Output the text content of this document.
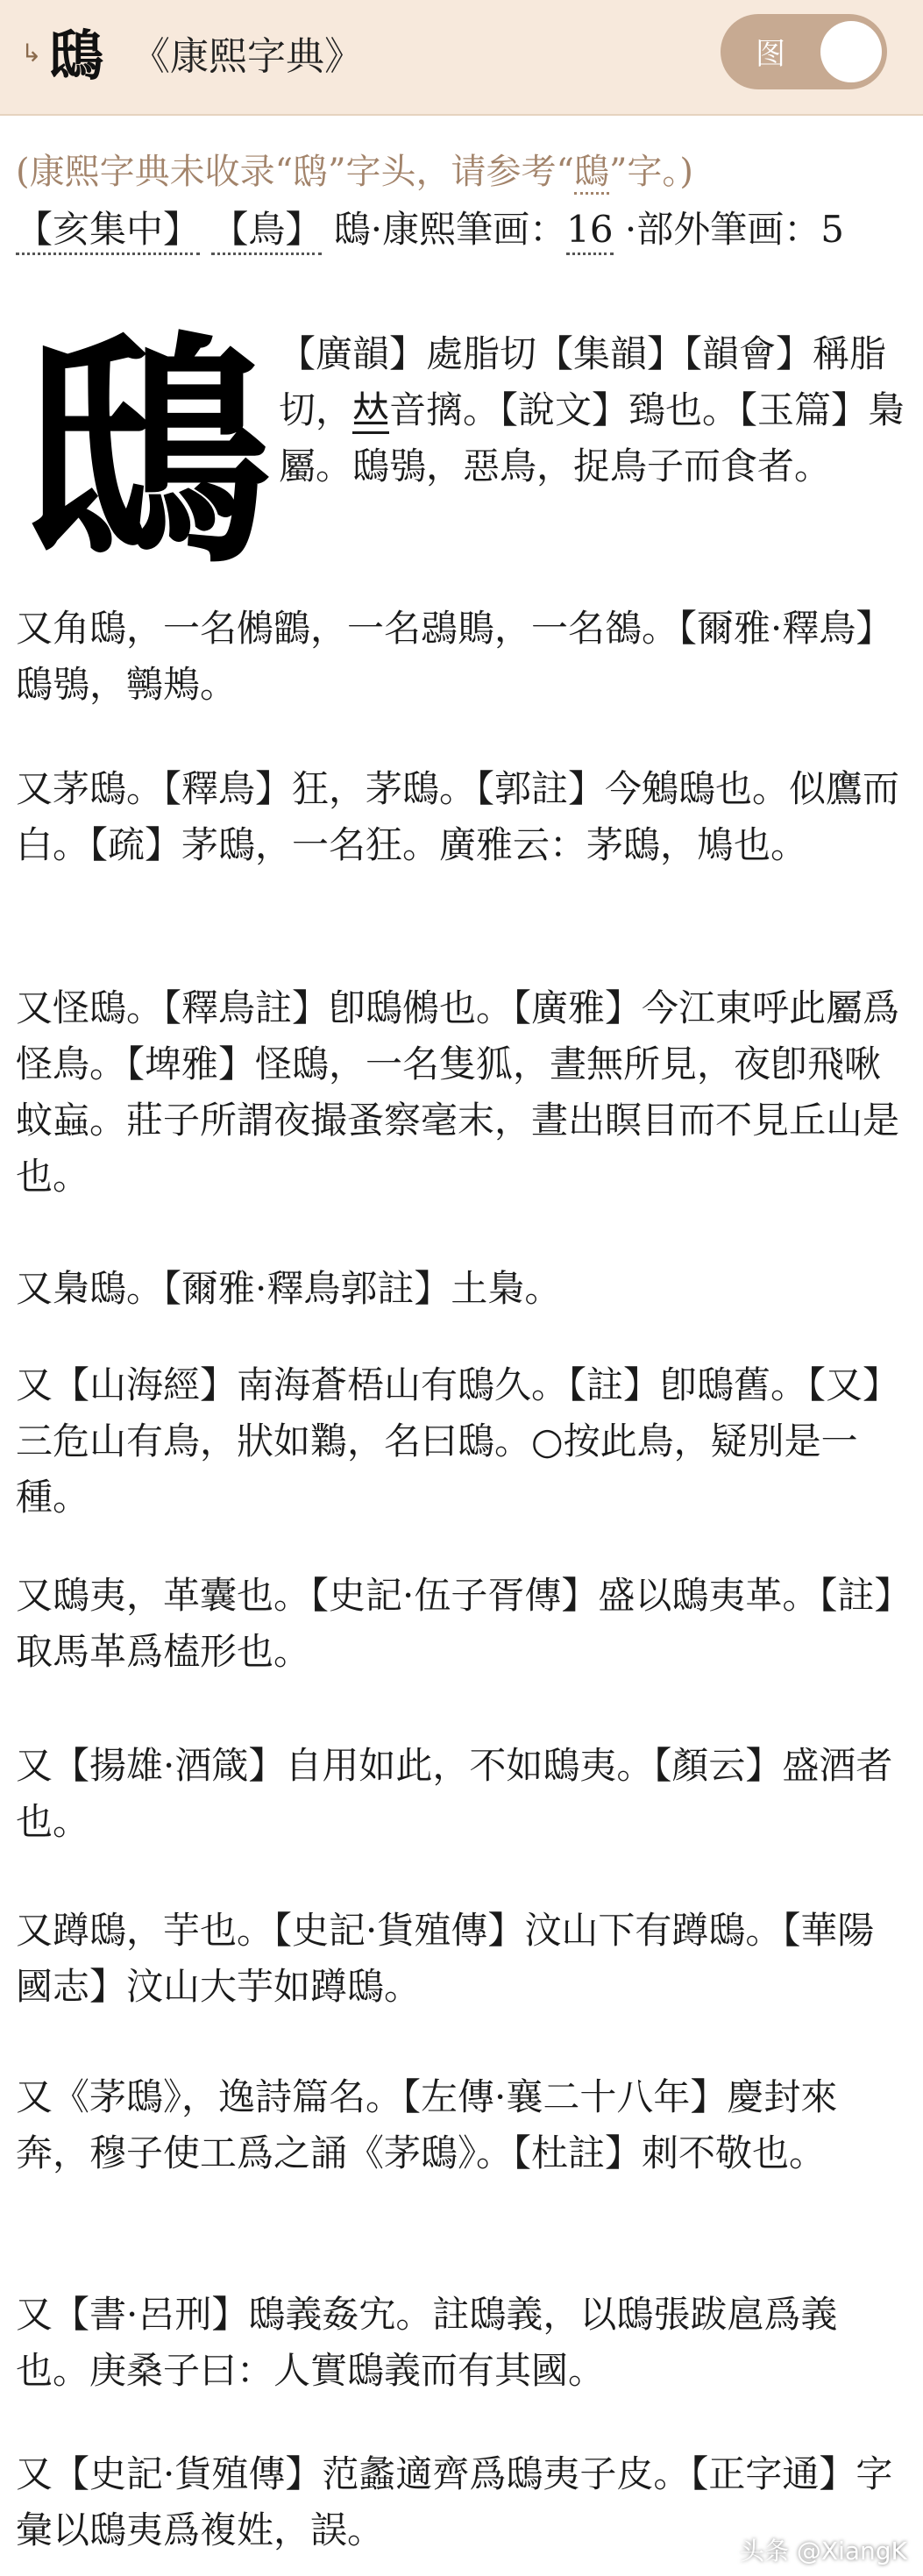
↳ 鴟 《康熙字典》	图
(康熙字典未收录“鸱”字头，请参考“鴟”字。)
【亥集中】 【鳥】 鴟·康熙筆画：16 ·部外筆画：5
鴟 【廣韻】處脂切【集韻】【韻會】稱脂切，𠀤音摛。【說文】鵄也。【玉篇】梟屬。鴟鴞，惡鳥，捉鳥子而食者。

又角鴟，一名鵂鶹，一名鵋鵙，一名鵅。【爾雅·釋鳥】鴟鴞，鸋鴂。

又茅鴟。【釋鳥】狂，茅鴟。【郭註】今鵵鴟也。似鷹而白。【疏】茅鴟，一名狂。廣雅云：茅鴟，鳩也。

又怪鴟。【釋鳥註】卽鴟鵂也。【廣雅】今江東呼此屬爲怪鳥。【埤雅】怪鴟，一名隻狐，晝無所見，夜卽飛啾蚊蝱。莊子所謂夜撮蚤察毫末，晝出瞑目而不見丘山是也。

又梟鴟。【爾雅·釋鳥郭註】土梟。

又【山海經】南海蒼梧山有鴟久。【註】卽鴟舊。【又】三危山有鳥，狀如鸈，名曰鴟。○按此鳥，疑別是一種。

又鴟夷，革囊也。【史記·伍子胥傳】盛以鴟夷革。【註】取馬革爲榼形也。

又【揚雄·酒箴】自用如此，不如鴟夷。【顏云】盛酒者也。

又蹲鴟，芋也。【史記·貨殖傳】汶山下有蹲鴟。【華陽國志】汶山大芋如蹲鴟。

又《茅鴟》，逸詩篇名。【左傳·襄二十八年】慶封來奔，穆子使工爲之誦《茅鴟》。【杜註】刺不敬也。

又【書·呂刑】鴟義姦宄。註鴟義，以鴟張跋扈爲義也。庚桑子曰：人實鴟義而有其國。

又【史記·貨殖傳】范蠡適齊爲鴟夷子皮。【正字通】字彙以鴟夷爲複姓，誤。	头条 @XiangK
